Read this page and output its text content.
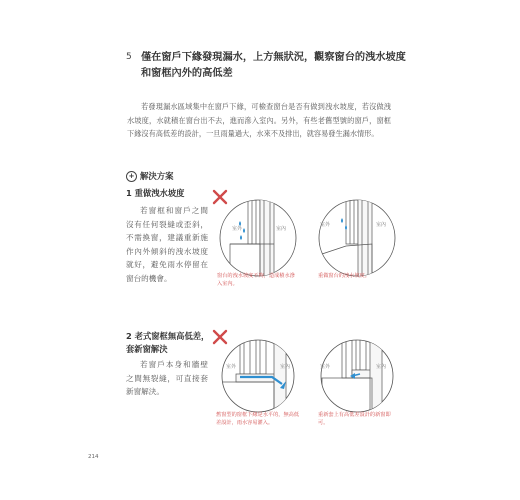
5 僅在窗戶下緣發現漏水，上方無狀況，觀察窗台的洩水坡度和窗框內外的高低差
若發現漏水區域集中在窗戶下緣，可檢查窗台是否有做到洩水坡度，若沒做洩水坡度，水就積在窗台出不去，進而滲入室內。另外，有些老舊型號的窗戶，窗框下緣沒有高低差的設計，一旦雨量過大，水來不及排出，就容易發生漏水情形。
+ 解決方案
1 重做洩水坡度
若窗框和窗戶之間沒有任何裂縫或歪斜，不需換窗，建議重新施作內外傾斜的洩水坡度就好，避免雨水停留在窗台的機會。
室外	室內
窗台的洩水坡度不夠，造成積水滲入室內。
室外	室內
重做窗台的洩水坡度。
2 老式窗框無高低差，
套新窗解決
若窗戶本身和牆壁之間無裂縫，可直接套新窗解決。
室外	室內
舊窗型的窗框下緣是水平的，無高低差設計，雨水容易灌入。
室外	室內
重新套上有高低差設計的新窗即可。
214
